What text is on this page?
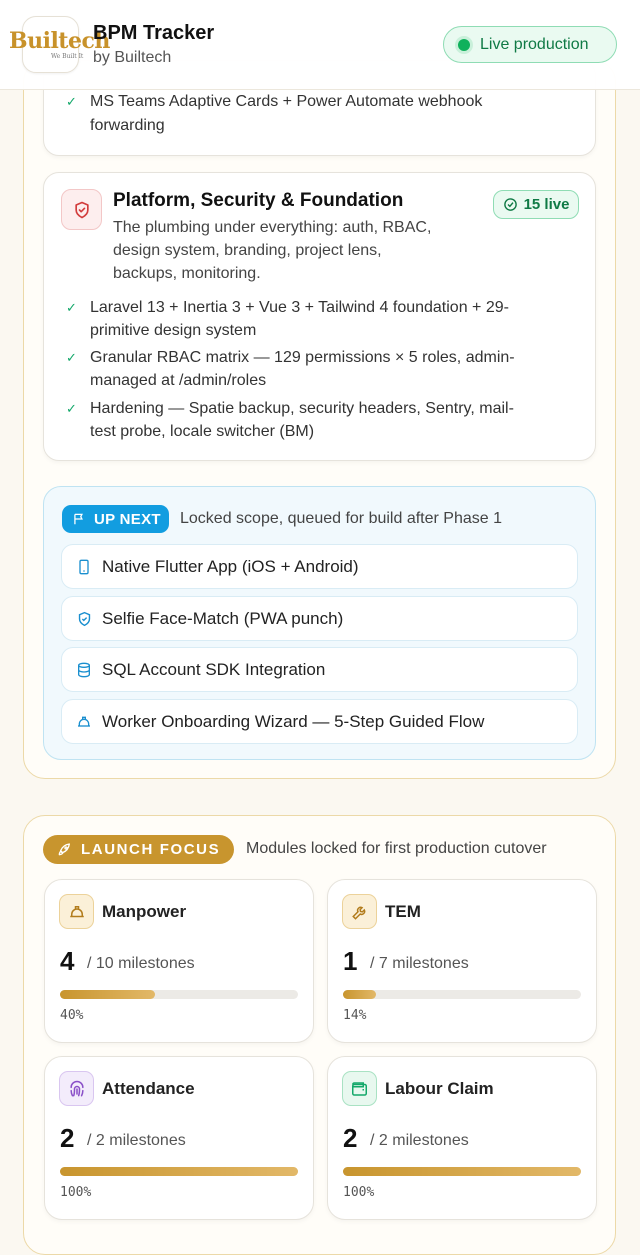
Builtech
We Built It
BPM Tracker
by Builtech
Live production
✓ MS Teams Adaptive Cards + Power Automate webhook
forwarding
Platform, Security & Foundation	15 live
The plumbing under everything: auth, RBAC,
design system, branding, project lens,
backups, monitoring.
✓ Laravel 13 + Inertia 3 + Vue 3 + Tailwind 4 foundation + 29-
primitive design system
✓ Granular RBAC matrix — 129 permissions × 5 roles, admin-
managed at /admin/roles
✓ Hardening — Spatie backup, security headers, Sentry, mail-
test probe, locale switcher (BM)
UP NEXT Locked scope, queued for build after Phase 1
Native Flutter App (iOS + Android)
Selfie Face-Match (PWA punch)
SQL Account SDK Integration
Worker Onboarding Wizard — 5-Step Guided Flow
LAUNCH FOCUS Modules locked for first production cutover
Manpower
4 / 10 milestones
40%
TEM
1 / 7 milestones
14%
Attendance
2 / 2 milestones
100%
Labour Claim
2 / 2 milestones
100%
